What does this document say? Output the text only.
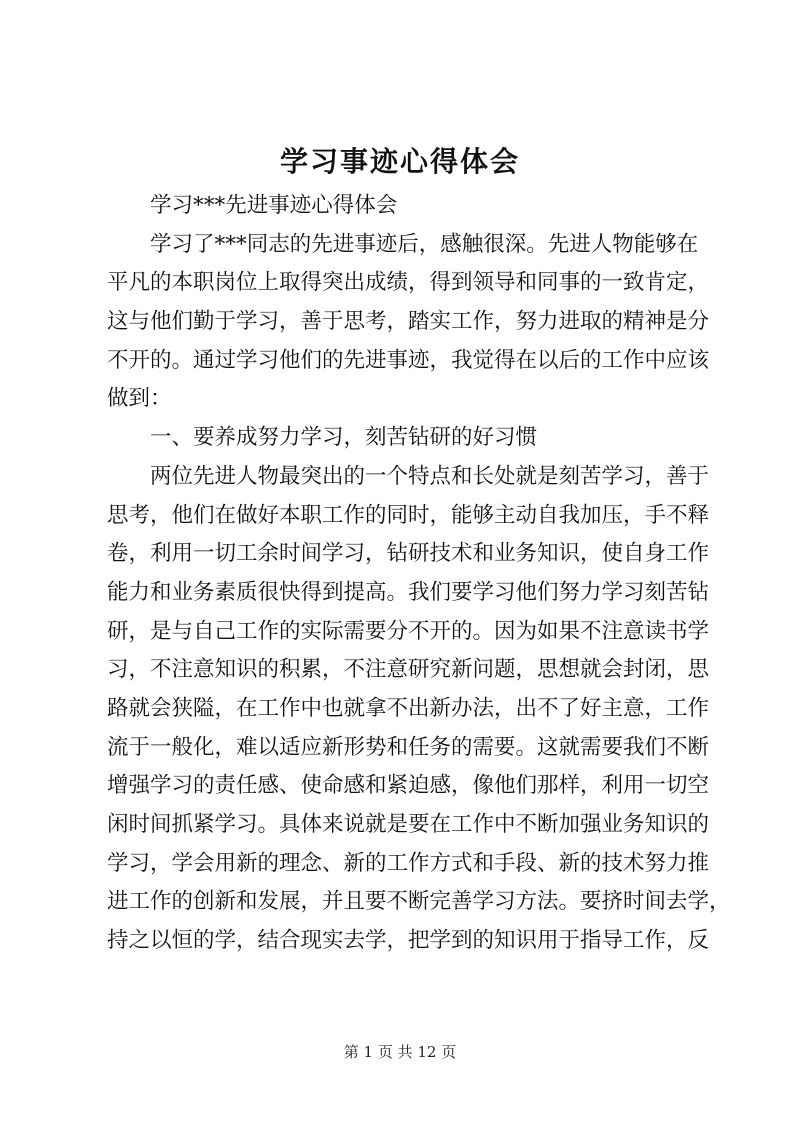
学习事迹心得体会
学习***先进事迹心得体会
学习了***同志的先进事迹后，感触很深。先进人物能够在
平凡的本职岗位上取得突出成绩，得到领导和同事的一致肯定，
这与他们勤于学习，善于思考，踏实工作，努力进取的精神是分
不开的。通过学习他们的先进事迹，我觉得在以后的工作中应该
做到：
一、要养成努力学习，刻苦钻研的好习惯
两位先进人物最突出的一个特点和长处就是刻苦学习，善于
思考，他们在做好本职工作的同时，能够主动自我加压，手不释
卷，利用一切工余时间学习，钻研技术和业务知识，使自身工作
能力和业务素质很快得到提高。我们要学习他们努力学习刻苦钻
研，是与自己工作的实际需要分不开的。因为如果不注意读书学
习，不注意知识的积累，不注意研究新问题，思想就会封闭，思
路就会狭隘，在工作中也就拿不出新办法，出不了好主意，工作
流于一般化，难以适应新形势和任务的需要。这就需要我们不断
增强学习的责任感、使命感和紧迫感，像他们那样，利用一切空
闲时间抓紧学习。具体来说就是要在工作中不断加强业务知识的
学习，学会用新的理念、新的工作方式和手段、新的技术努力推
进工作的创新和发展，并且要不断完善学习方法。要挤时间去学，
持之以恒的学，结合现实去学，把学到的知识用于指导工作，反
第 1 页 共 12 页
